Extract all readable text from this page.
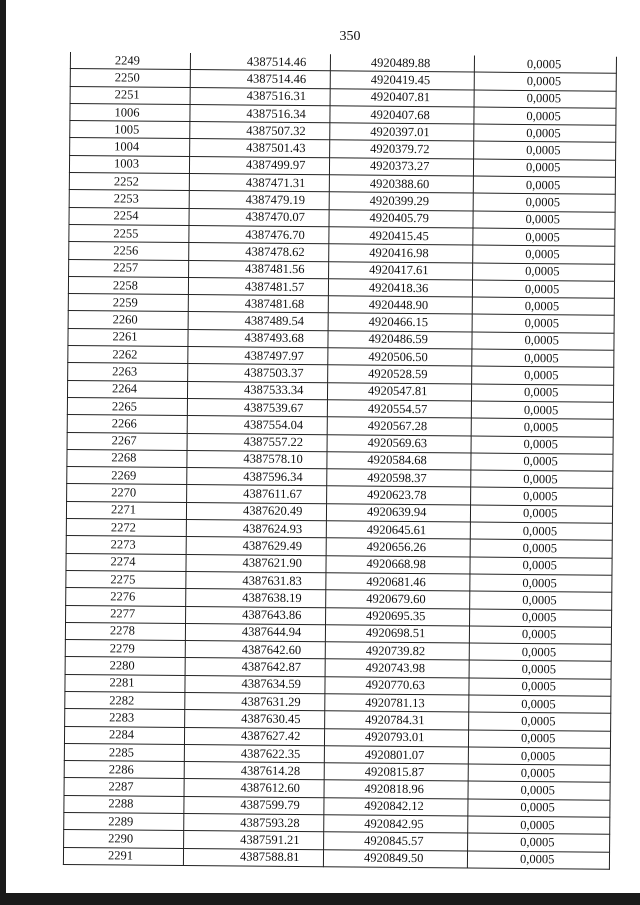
350
2249	4387514.46	4920489.88	0,0005
2250	4387514.46	4920419.45	0,0005
2251	4387516.31	4920407.81	0,0005
1006	4387516.34	4920407.68	0,0005
1005	4387507.32	4920397.01	0,0005
1004	4387501.43	4920379.72	0,0005
1003	4387499.97	4920373.27	0,0005
2252	4387471.31	4920388.60	0,0005
2253	4387479.19	4920399.29	0,0005
2254	4387470.07	4920405.79	0,0005
2255	4387476.70	4920415.45	0,0005
2256	4387478.62	4920416.98	0,0005
2257	4387481.56	4920417.61	0,0005
2258	4387481.57	4920418.36	0,0005
2259	4387481.68	4920448.90	0,0005
2260	4387489.54	4920466.15	0,0005
2261	4387493.68	4920486.59	0,0005
2262	4387497.97	4920506.50	0,0005
2263	4387503.37	4920528.59	0,0005
2264	4387533.34	4920547.81	0,0005
2265	4387539.67	4920554.57	0,0005
2266	4387554.04	4920567.28	0,0005
2267	4387557.22	4920569.63	0,0005
2268	4387578.10	4920584.68	0,0005
2269	4387596.34	4920598.37	0,0005
2270	4387611.67	4920623.78	0,0005
2271	4387620.49	4920639.94	0,0005
2272	4387624.93	4920645.61	0,0005
2273	4387629.49	4920656.26	0,0005
2274	4387621.90	4920668.98	0,0005
2275	4387631.83	4920681.46	0,0005
2276	4387638.19	4920679.60	0,0005
2277	4387643.86	4920695.35	0,0005
2278	4387644.94	4920698.51	0,0005
2279	4387642.60	4920739.82	0,0005
2280	4387642.87	4920743.98	0,0005
2281	4387634.59	4920770.63	0,0005
2282	4387631.29	4920781.13	0,0005
2283	4387630.45	4920784.31	0,0005
2284	4387627.42	4920793.01	0,0005
2285	4387622.35	4920801.07	0,0005
2286	4387614.28	4920815.87	0,0005
2287	4387612.60	4920818.96	0,0005
2288	4387599.79	4920842.12	0,0005
2289	4387593.28	4920842.95	0,0005
2290	4387591.21	4920845.57	0,0005
2291	4387588.81	4920849.50	0,0005
